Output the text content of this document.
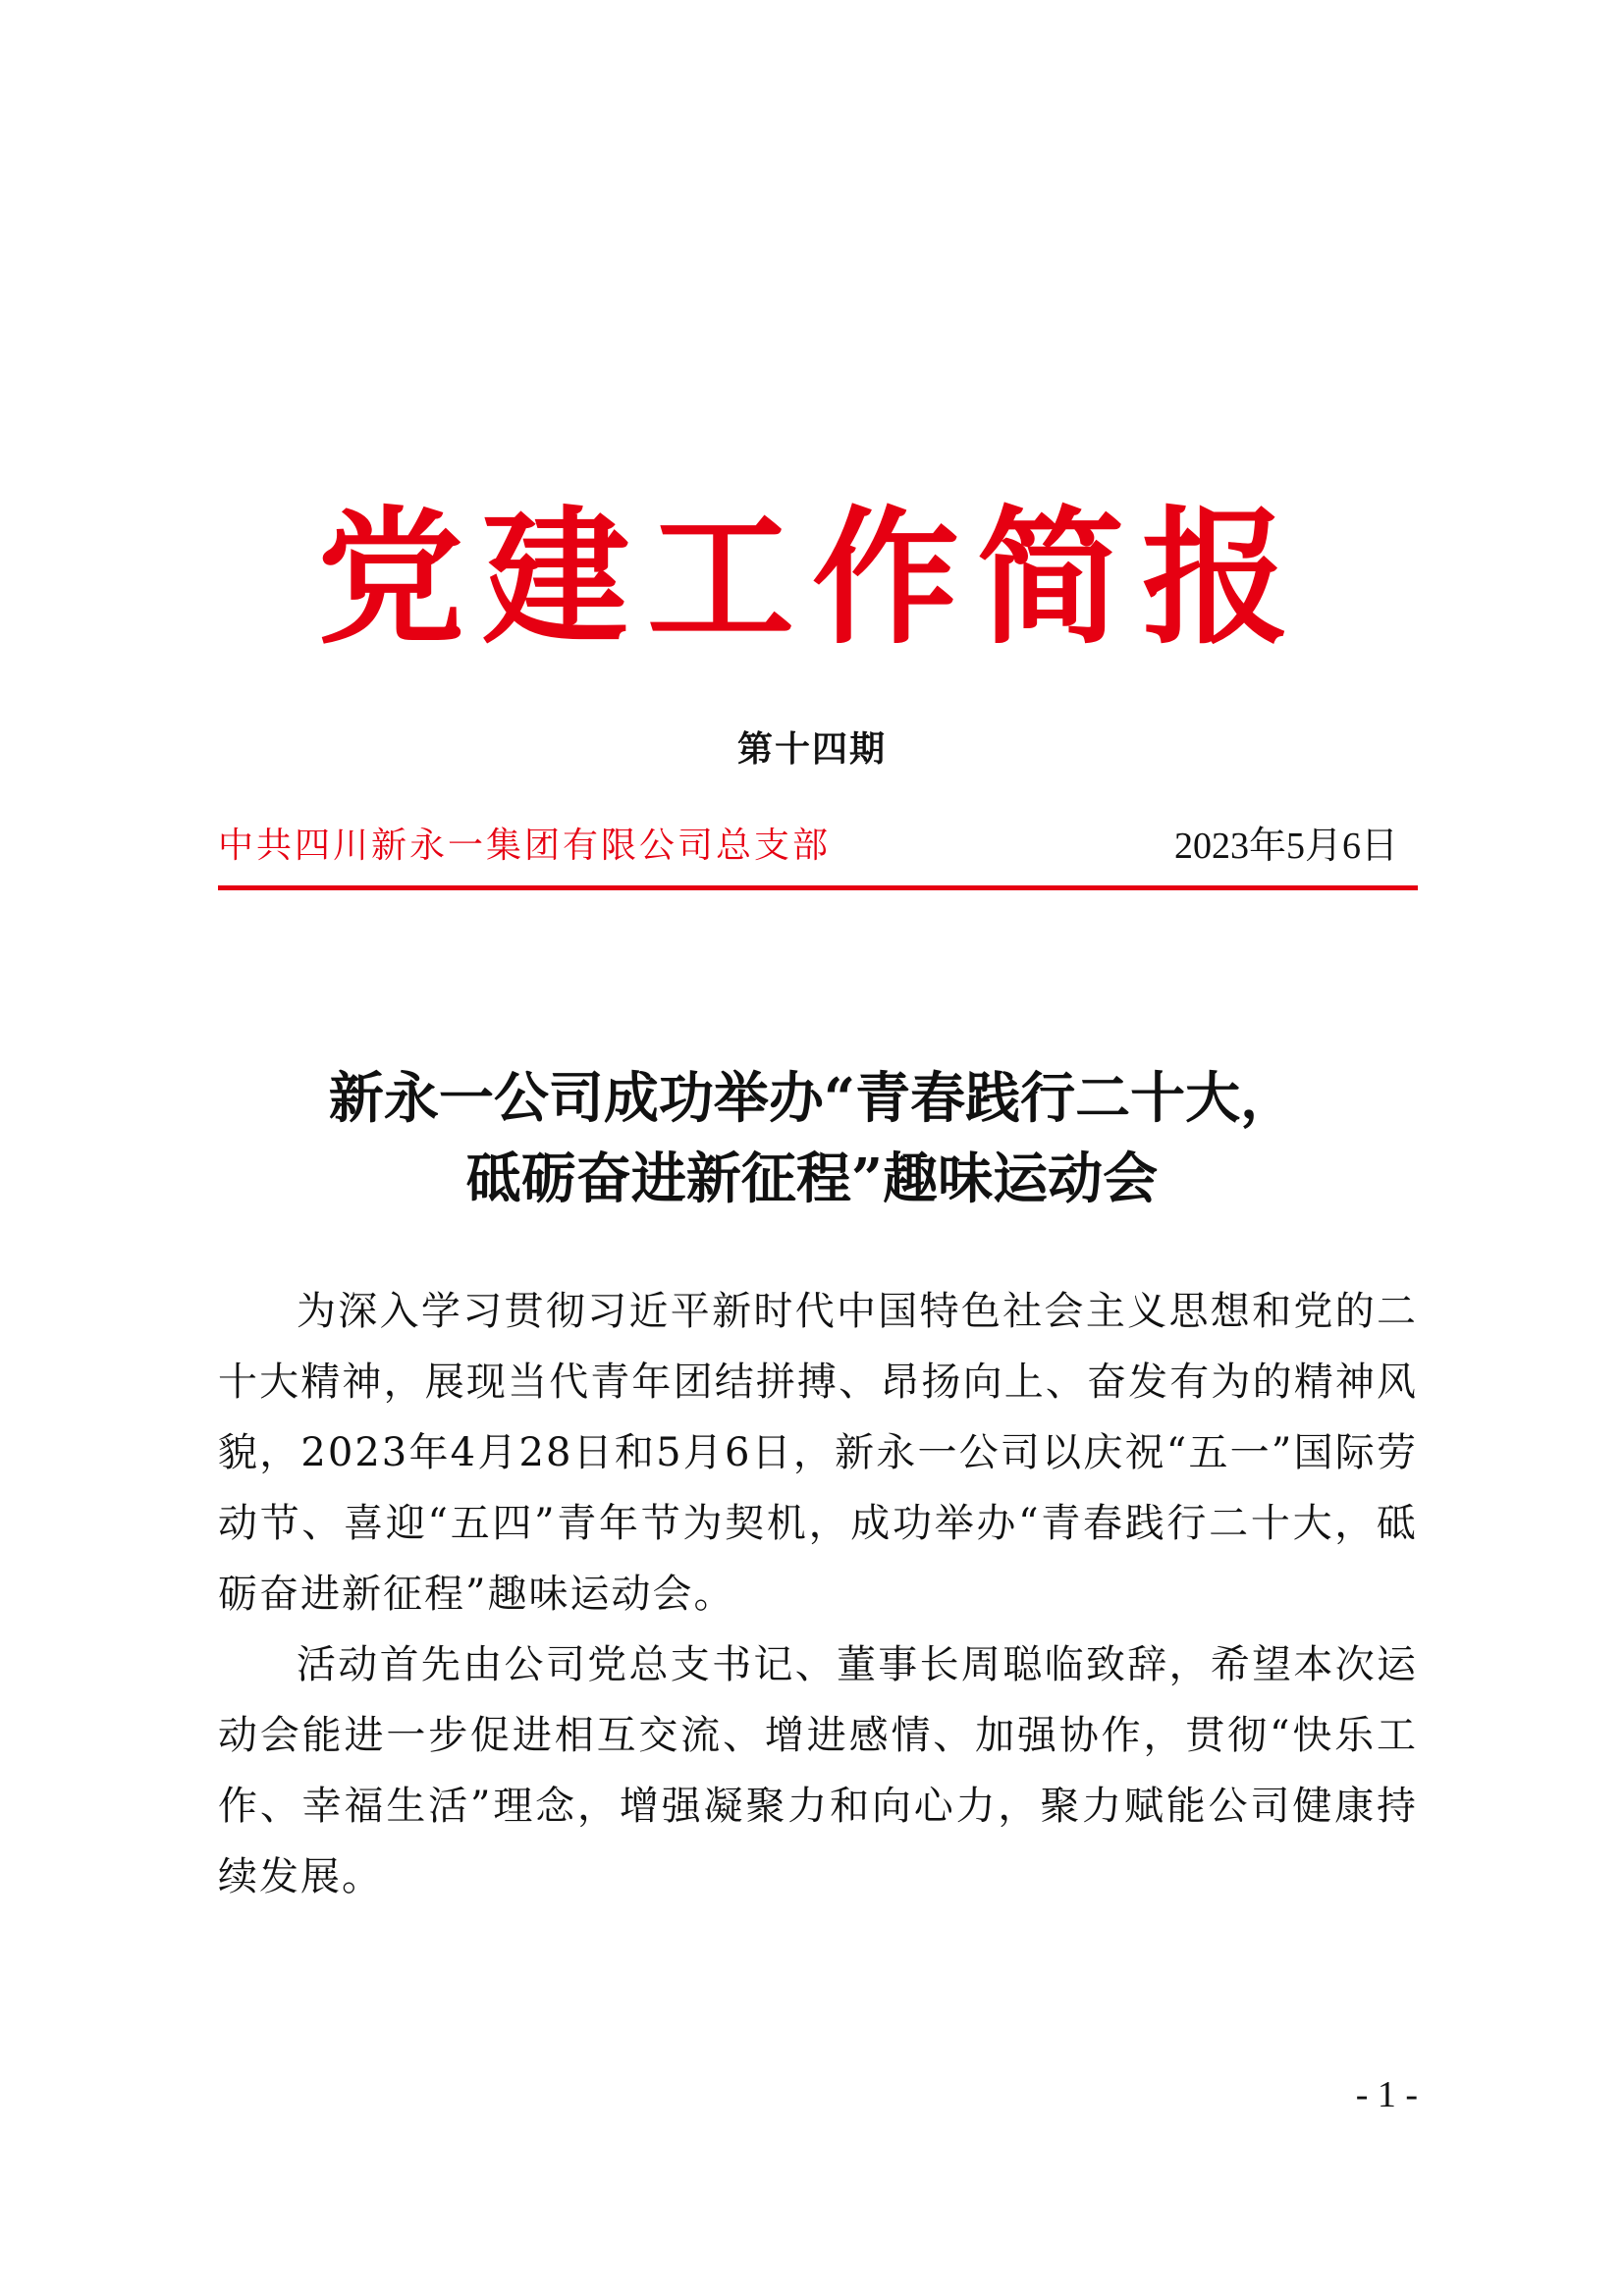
党建工作简报
第十四期
中共四川新永一集团有限公司总支部	2023年5月6日
新永一公司成功举办“青春践行二十大，
砥砺奋进新征程”趣味运动会

为深入学习贯彻习近平新时代中国特色社会主义思想和党的二十大精神，展现当代青年团结拼搏、昂扬向上、奋发有为的精神风貌，2023年4月28日和5月6日，新永一公司以庆祝“五一”国际劳动节、喜迎“五四”青年节为契机，成功举办“青春践行二十大，砥砺奋进新征程”趣味运动会。

活动首先由公司党总支书记、董事长周聪临致辞，希望本次运动会能进一步促进相互交流、增进感情、加强协作，贯彻“快乐工作、幸福生活”理念，增强凝聚力和向心力，聚力赋能公司健康持续发展。

- 1 -
